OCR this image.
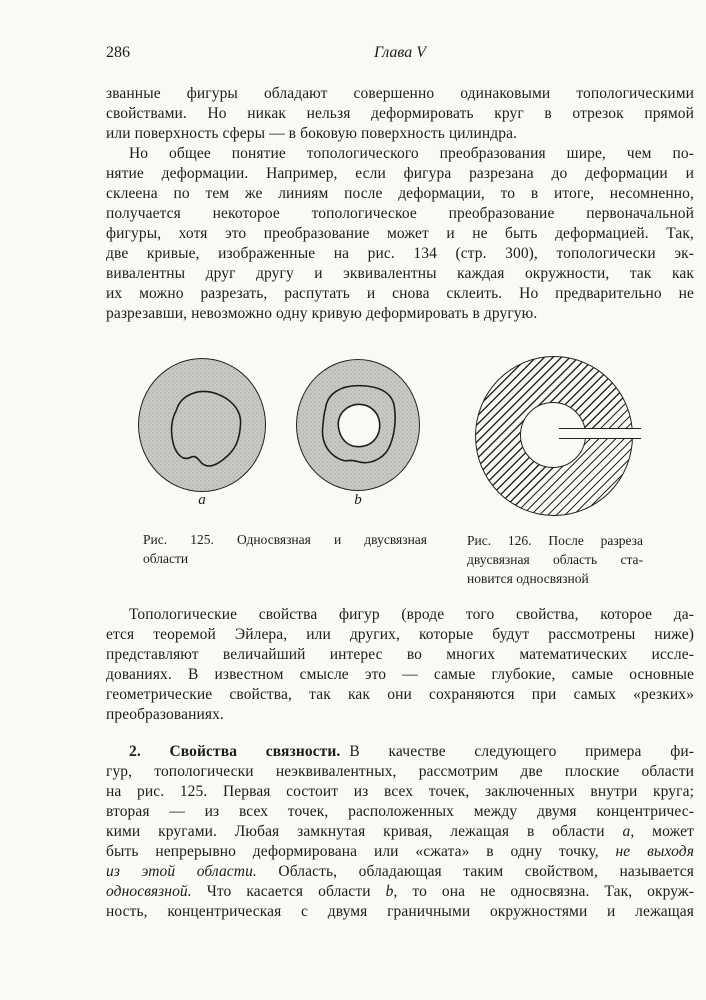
286	Глава V
званные фигуры обладают совершенно одинаковыми топологическими
свойствами. Но никак нельзя деформировать круг в отрезок прямой
или поверхность сферы — в боковую поверхность цилиндра.
Но общее понятие топологического преобразования шире, чем по-
нятие деформации. Например, если фигура разрезана до деформации и
склеена по тем же линиям после деформации, то в итоге, несомненно,
получается некоторое топологическое преобразование первоначальной
фигуры, хотя это преобразование может и не быть деформацией. Так,
две кривые, изображенные на рис. 134 (стр. 300), топологически эк-
вивалентны друг другу и эквивалентны каждая окружности, так как
их можно разрезать, распутать и снова склеить. Но предварительно не
разрезавши, невозможно одну кривую деформировать в другую.
a	b
Рис. 125. Односвязная и двусвязная
области
Рис. 126. После разреза
двусвязная область ста-
новится односвязной
Топологические свойства фигур (вроде того свойства, которое да-
ется теоремой Эйлера, или других, которые будут рассмотрены ниже)
представляют величайший интерес во многих математических иссле-
дованиях. В известном смысле это — самые глубокие, самые основные
геометрические свойства, так как они сохраняются при самых «резких»
преобразованиях.
2. Свойства связности. В качестве следующего примера фи-
гур, топологически неэквивалентных, рассмотрим две плоские области
на рис. 125. Первая состоит из всех точек, заключенных внутри круга;
вторая — из всех точек, расположенных между двумя концентричес-
кими кругами. Любая замкнутая кривая, лежащая в области a, может
быть непрерывно деформирована или «сжата» в одну точку, не выходя
из этой области. Область, обладающая таким свойством, называется
односвязной. Что касается области b, то она не односвязна. Так, окруж-
ность, концентрическая с двумя граничными окружностями и лежащая
